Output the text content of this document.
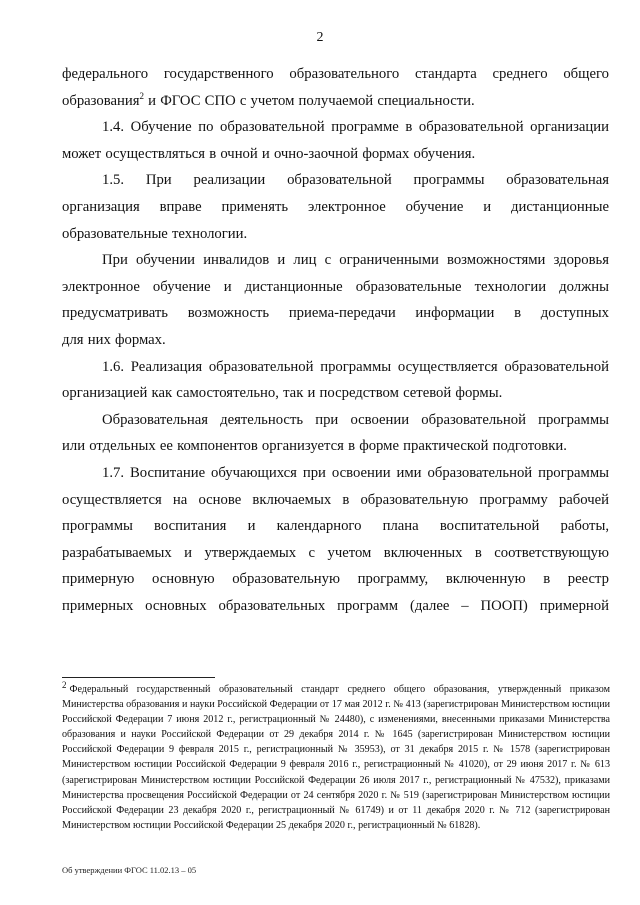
2

федерального государственного образовательного стандарта среднего общего

образования$^2$ и ФГОС СПО с учетом получаемой специальности.

1.4. Обучение по образовательной программе в образовательной организации

может осуществляться в очной и очно-заочной формах обучения.

1.5. При реализации образовательной программы образовательная

организация вправе применять электронное обучение и дистанционные

образовательные технологии.

При обучении инвалидов и лиц с ограниченными возможностями здоровья

электронное обучение и дистанционные образовательные технологии должны

предусматривать возможность приема-передачи информации в доступных

для них формах.

1.6. Реализация образовательной программы осуществляется образовательной

организацией как самостоятельно, так и посредством сетевой формы.

Образовательная деятельность при освоении образовательной программы

или отдельных ее компонентов организуется в форме практической подготовки.

1.7. Воспитание обучающихся при освоении ими образовательной программы

осуществляется на основе включаемых в образовательную программу рабочей

программы воспитания и календарного плана воспитательной работы,

разрабатываемых и утверждаемых с учетом включенных в соответствующую

примерную основную образовательную программу, включенную в реестр

примерных основных образовательных программ (далее – ПООП) примерной

$^2$ Федеральный государственный образовательный стандарт среднего общего образования, утвержденный приказом Министерства образования и науки Российской Федерации от 17 мая 2012 г. № 413 (зарегистрирован Министерством юстиции Российской Федерации 7 июня 2012 г., регистрационный № 24480), с изменениями, внесенными приказами Министерства образования и науки Российской Федерации от 29 декабря 2014 г. № 1645 (зарегистрирован Министерством юстиции Российской Федерации 9 февраля 2015 г., регистрационный № 35953), от 31 декабря 2015 г. № 1578 (зарегистрирован Министерством юстиции Российской Федерации 9 февраля 2016 г., регистрационный № 41020), от 29 июня 2017 г. № 613 (зарегистрирован Министерством юстиции Российской Федерации 26 июля 2017 г., регистрационный № 47532), приказами Министерства просвещения Российской Федерации от 24 сентября 2020 г. № 519 (зарегистрирован Министерством юстиции Российской Федерации 23 декабря 2020 г., регистрационный № 61749) и от 11 декабря 2020 г. № 712 (зарегистрирован Министерством юстиции Российской Федерации 25 декабря 2020 г., регистрационный № 61828).
Об утверждении ФГОС 11.02.13 – 05
